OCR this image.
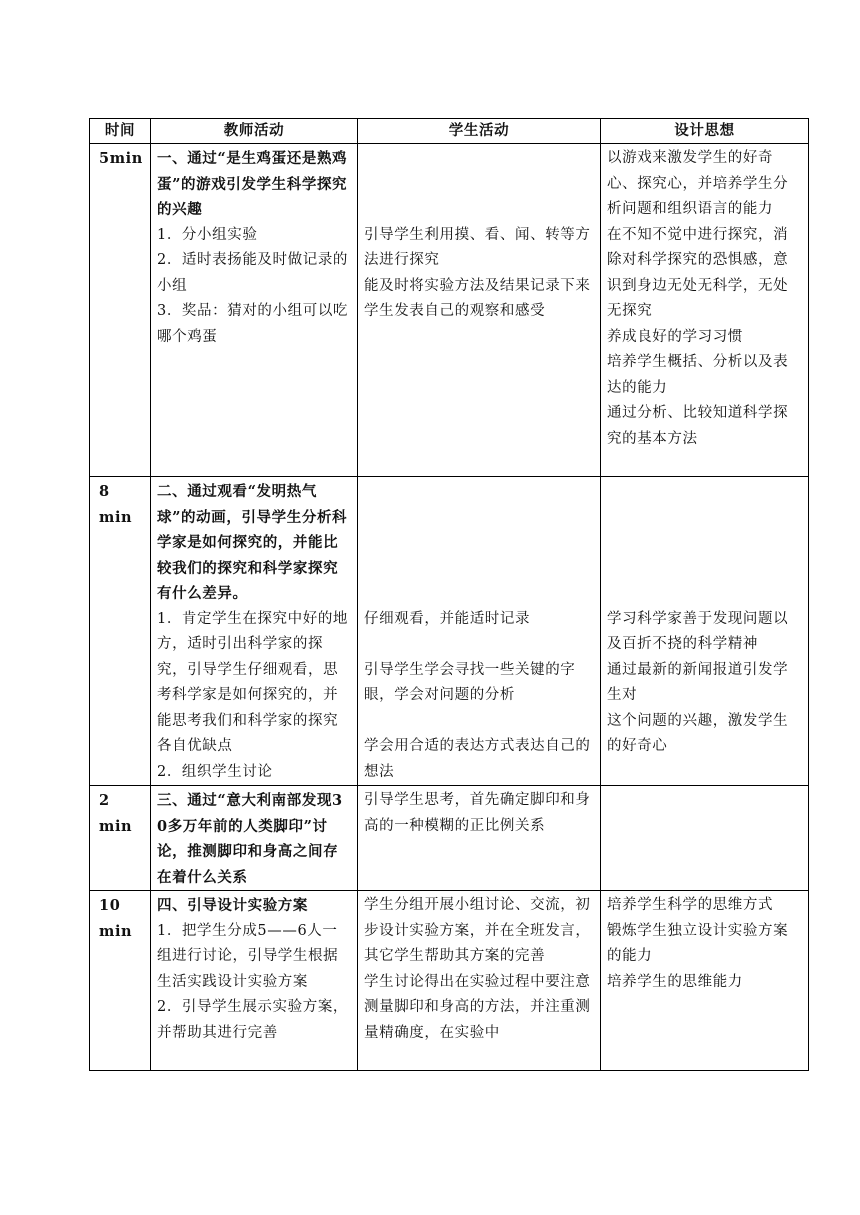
时间	教师活动	学生活动	设计思想
5min	一、通过“是生鸡蛋还是熟鸡蛋”的游戏引发学生科学探究的兴趣
1．分小组实验
2．适时表扬能及时做记录的小组
3．奖品：猜对的小组可以吃哪个鸡蛋	引导学生利用摸、看、闻、转等方法进行探究
能及时将实验方法及结果记录下来
学生发表自己的观察和感受	以游戏来激发学生的好奇心、探究心，并培养学生分析问题和组织语言的能力
在不知不觉中进行探究，消除对科学探究的恐惧感，意识到身边无处无科学，无处无探究
养成良好的学习习惯
培养学生概括、分析以及表达的能力
通过分析、比较知道科学探究的基本方法

8 min	二、通过观看“发明热气球”的动画，引导学生分析科学家是如何探究的，并能比较我们的探究和科学家探究有什么差异。
1．肯定学生在探究中好的地方，适时引出科学家的探究，引导学生仔细观看，思考科学家是如何探究的，并能思考我们和科学家的探究各自优缺点
2．组织学生讨论	仔细观看，并能适时记录
引导学生学会寻找一些关键的字眼，学会对问题的分析
学会用合适的表达方式表达自己的想法	学习科学家善于发现问题以及百折不挠的科学精神
通过最新的新闻报道引发学生对
这个问题的兴趣，激发学生的好奇心

2 min	三、通过“意大利南部发现30多万年前的人类脚印”讨论，推测脚印和身高之间存在着什么关系	引导学生思考，首先确定脚印和身高的一种模糊的正比例关系	

10 min	四、引导设计实验方案
1．把学生分成5——6人一组进行讨论，引导学生根据生活实践设计实验方案
2．引导学生展示实验方案，并帮助其进行完善	学生分组开展小组讨论、交流，初步设计实验方案，并在全班发言，其它学生帮助其方案的完善
学生讨论得出在实验过程中要注意测量脚印和身高的方法，并注重测量精确度，在实验中	培养学生科学的思维方式
锻炼学生独立设计实验方案的能力
培养学生的思维能力
